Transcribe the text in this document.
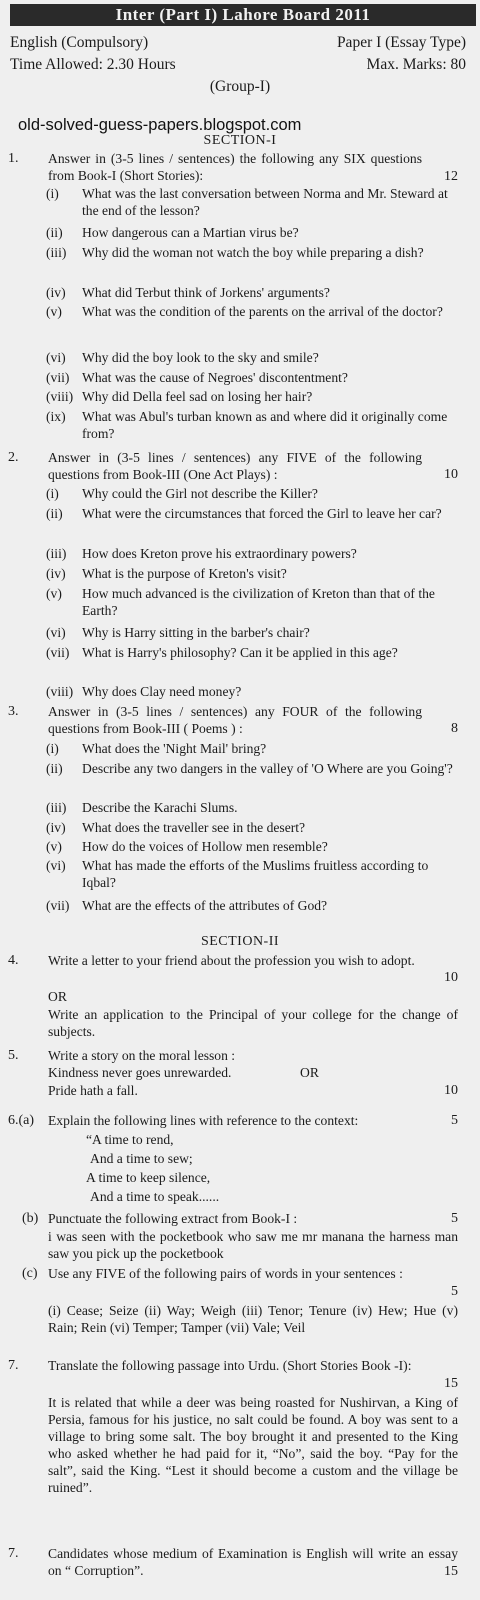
Inter (Part I) Lahore Board 2011
English (Compulsory)	Paper I (Essay Type)
Time Allowed: 2.30 Hours	Max. Marks: 80
(Group-I)
old-solved-guess-papers.blogspot.com
SECTION-I
1. Answer in (3-5 lines / sentences) the following any SIX questions from Book-I (Short Stories):	12
(i) What was the last conversation between Norma and Mr. Steward at the end of the lesson?
(ii) How dangerous can a Martian virus be?
(iii) Why did the woman not watch the boy while preparing a dish?
(iv) What did Terbut think of Jorkens' arguments?
(v) What was the condition of the parents on the arrival of the doctor?
(vi) Why did the boy look to the sky and smile?
(vii) What was the cause of Negroes' discontentment?
(viii) Why did Della feel sad on losing her hair?
(ix) What was Abul's turban known as and where did it originally come from?
2. Answer in (3-5 lines / sentences) any FIVE of the following questions from Book-III (One Act Plays) :	10
(i) Why could the Girl not describe the Killer?
(ii) What were the circumstances that forced the Girl to leave her car?
(iii) How does Kreton prove his extraordinary powers?
(iv) What is the purpose of Kreton's visit?
(v) How much advanced is the civilization of Kreton than that of the Earth?
(vi) Why is Harry sitting in the barber's chair?
(vii) What is Harry's philosophy? Can it be applied in this age?
(viii) Why does Clay need money?
3. Answer in (3-5 lines / sentences) any FOUR of the following questions from Book-III ( Poems ) :	8
(i) What does the 'Night Mail' bring?
(ii) Describe any two dangers in the valley of 'O Where are you Going'?
(iii) Describe the Karachi Slums.
(iv) What does the traveller see in the desert?
(v) How do the voices of Hollow men resemble?
(vi) What has made the efforts of the Muslims fruitless according to Iqbal?
(vii) What are the effects of the attributes of God?
SECTION-II
4. Write a letter to your friend about the profession you wish to adopt.
10
OR
Write an application to the Principal of your college for the change of subjects.
5. Write a story on the moral lesson :
Kindness never goes unrewarded.	OR
Pride hath a fall.	10
6.(a) Explain the following lines with reference to the context:	5
“A time to rend,
And a time to sew;
A time to keep silence,
And a time to speak......
(b) Punctuate the following extract from Book-I :	5
i was seen with the pocketbook who saw me mr manana the harness man saw you pick up the pocketbook
(c) Use any FIVE of the following pairs of words in your sentences :
5
(i) Cease; Seize (ii) Way; Weigh (iii) Tenor; Tenure (iv) Hew; Hue (v) Rain; Rein (vi) Temper; Tamper (vii) Vale; Veil
7. Translate the following passage into Urdu. (Short Stories Book -I):
15
It is related that while a deer was being roasted for Nushirvan, a King of Persia, famous for his justice, no salt could be found. A boy was sent to a village to bring some salt. The boy brought it and presented to the King who asked whether he had paid for it, “No”, said the boy. “Pay for the salt”, said the King. “Lest it should become a custom and the village be ruined”.
7. Candidates whose medium of Examination is English will write an essay on “ Corruption”.	15
